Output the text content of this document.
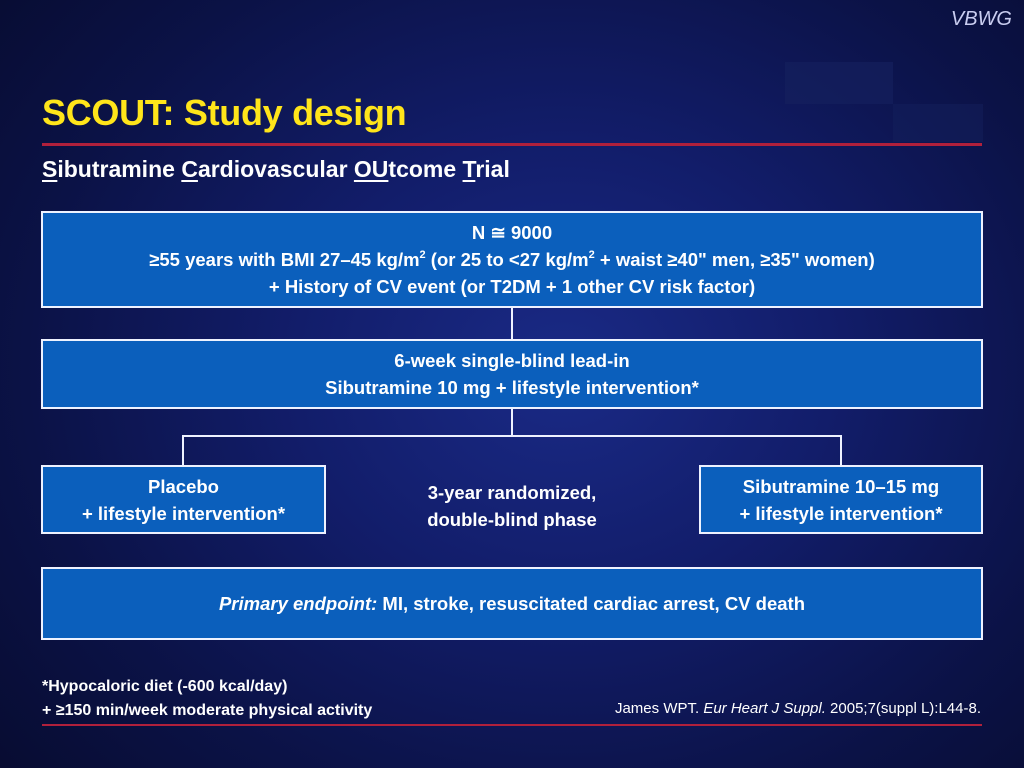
VBWG
SCOUT: Study design
Sibutramine Cardiovascular OUtcome Trial
N ≅ 9000
≥55 years with BMI 27–45 $kg/m^2$ (or 25 to <27 $kg/m^2$ + waist ≥40" men, ≥35" women)
+ History of CV event (or T2DM + 1 other CV risk factor)
6-week single-blind lead-in
Sibutramine 10 mg + lifestyle intervention*
Placebo
+ lifestyle intervention*
3-year randomized,
double-blind phase
Sibutramine 10–15 mg
+ lifestyle intervention*
Primary endpoint: MI, stroke, resuscitated cardiac arrest, CV death
*Hypocaloric diet (-600 kcal/day)
+ ≥150 min/week moderate physical activity	James WPT. Eur Heart J Suppl. 2005;7(suppl L):L44-8.
